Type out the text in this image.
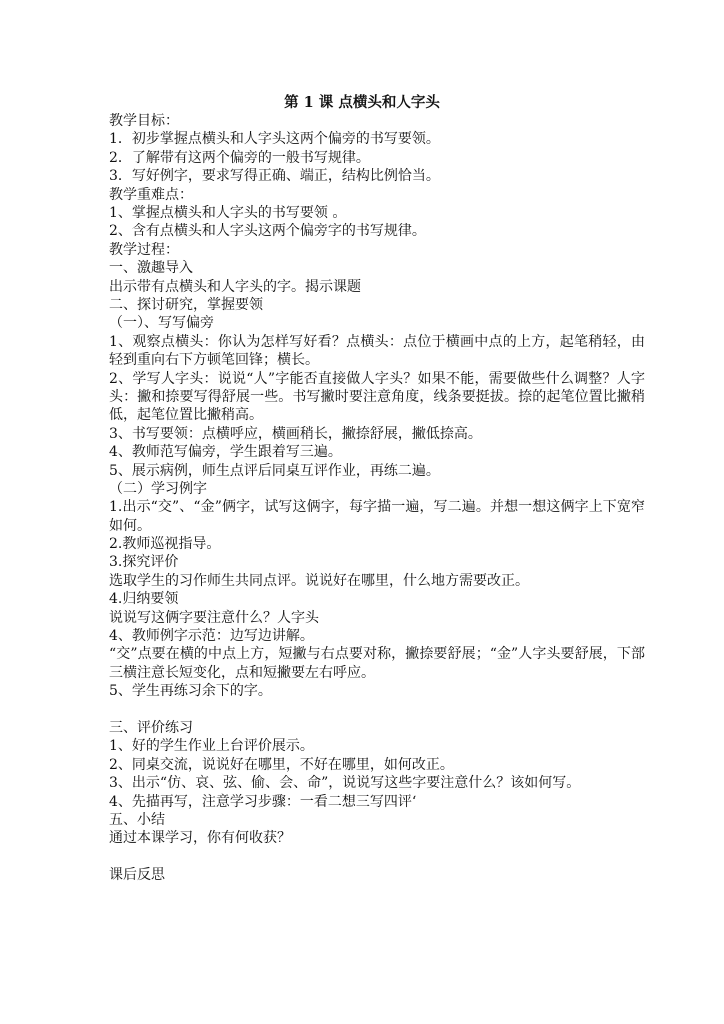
第 1 课 点横头和人字头
教学目标：
1．初步掌握点横头和人字头这两个偏旁的书写要领。
2．了解带有这两个偏旁的一般书写规律。
3．写好例字，要求写得正确、端正，结构比例恰当。
教学重难点：
1、掌握点横头和人字头的书写要领 。
2、含有点横头和人字头这两个偏旁字的书写规律。
教学过程：
一、激趣导入
出示带有点横头和人字头的字。揭示课题
二、探讨研究，掌握要领
（一）、写写偏旁
1、观察点横头：你认为怎样写好看？点横头：点位于横画中点的上方，起笔稍轻，由轻到重向右下方顿笔回锋；横长。
2、学写人字头：说说“人”字能否直接做人字头？如果不能，需要做些什么调整？人字头：撇和捺要写得舒展一些。书写撇时要注意角度，线条要挺拔。捺的起笔位置比撇稍低，起笔位置比撇稍高。
3、书写要领：点横呼应，横画稍长，撇捺舒展，撇低捺高。
4、教师范写偏旁，学生跟着写三遍。
5、展示病例，师生点评后同桌互评作业，再练二遍。
（二）学习例字
1.出示“交”、“金”俩字，试写这俩字，每字描一遍，写二遍。并想一想这俩字上下宽窄如何。
2.教师巡视指导。
3.探究评价
选取学生的习作师生共同点评。说说好在哪里，什么地方需要改正。
4.归纳要领
说说写这俩字要注意什么？人字头
4、教师例字示范：边写边讲解。
“交”点要在横的中点上方，短撇与右点要对称，撇捺要舒展；“金”人字头要舒展，下部三横注意长短变化，点和短撇要左右呼应。
5、学生再练习余下的字。
三、评价练习
1、好的学生作业上台评价展示。
2、同桌交流，说说好在哪里，不好在哪里，如何改正。
3、出示“仿、哀、弦、偷、会、命”，说说写这些字要注意什么？该如何写。
4、先描再写，注意学习步骤：一看二想三写四评‘
五、小结
通过本课学习，你有何收获？
课后反思
